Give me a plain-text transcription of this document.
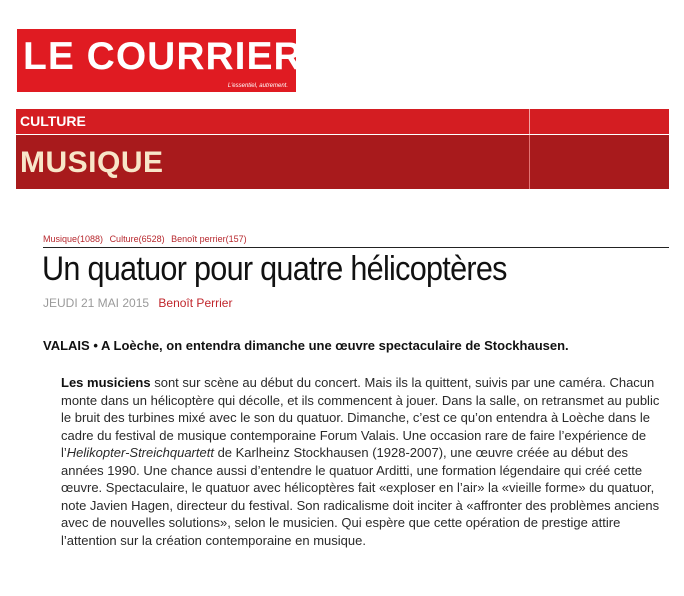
LE COURRIER
L'essentiel, autrement.
CULTURE
MUSIQUE
Musique(1088) Culture(6528) Benoît perrier(157)
Un quatuor pour quatre hélicoptères
JEUDI 21 MAI 2015 Benoît Perrier
VALAIS • A Loèche, on entendra dimanche une œuvre spectaculaire de Stockhausen.
Les musiciens sont sur scène au début du concert. Mais ils la quittent, suivis par une caméra. Chacun monte dans un hélicoptère qui décolle, et ils commencent à jouer. Dans la salle, on retransmet au public le bruit des turbines mixé avec le son du quatuor. Dimanche, c’est ce qu’on entendra à Loèche dans le cadre du festival de musique contemporaine Forum Valais. Une occasion rare de faire l’expérience de l’Helikopter-Streichquartett de Karlheinz Stockhausen (1928-2007), une œuvre créée au début des années 1990. Une chance aussi d’entendre le quatuor Arditti, une formation légendaire qui créé cette œuvre. Spectaculaire, le quatuor avec hélicoptères fait «exploser en l’air» la «vieille forme» du quatuor, note Javien Hagen, directeur du festival. Son radicalisme doit inciter à «affronter des problèmes anciens avec de nouvelles solutions», selon le musicien. Qui espère que cette opération de prestige attire l’attention sur la création contemporaine en musique.
